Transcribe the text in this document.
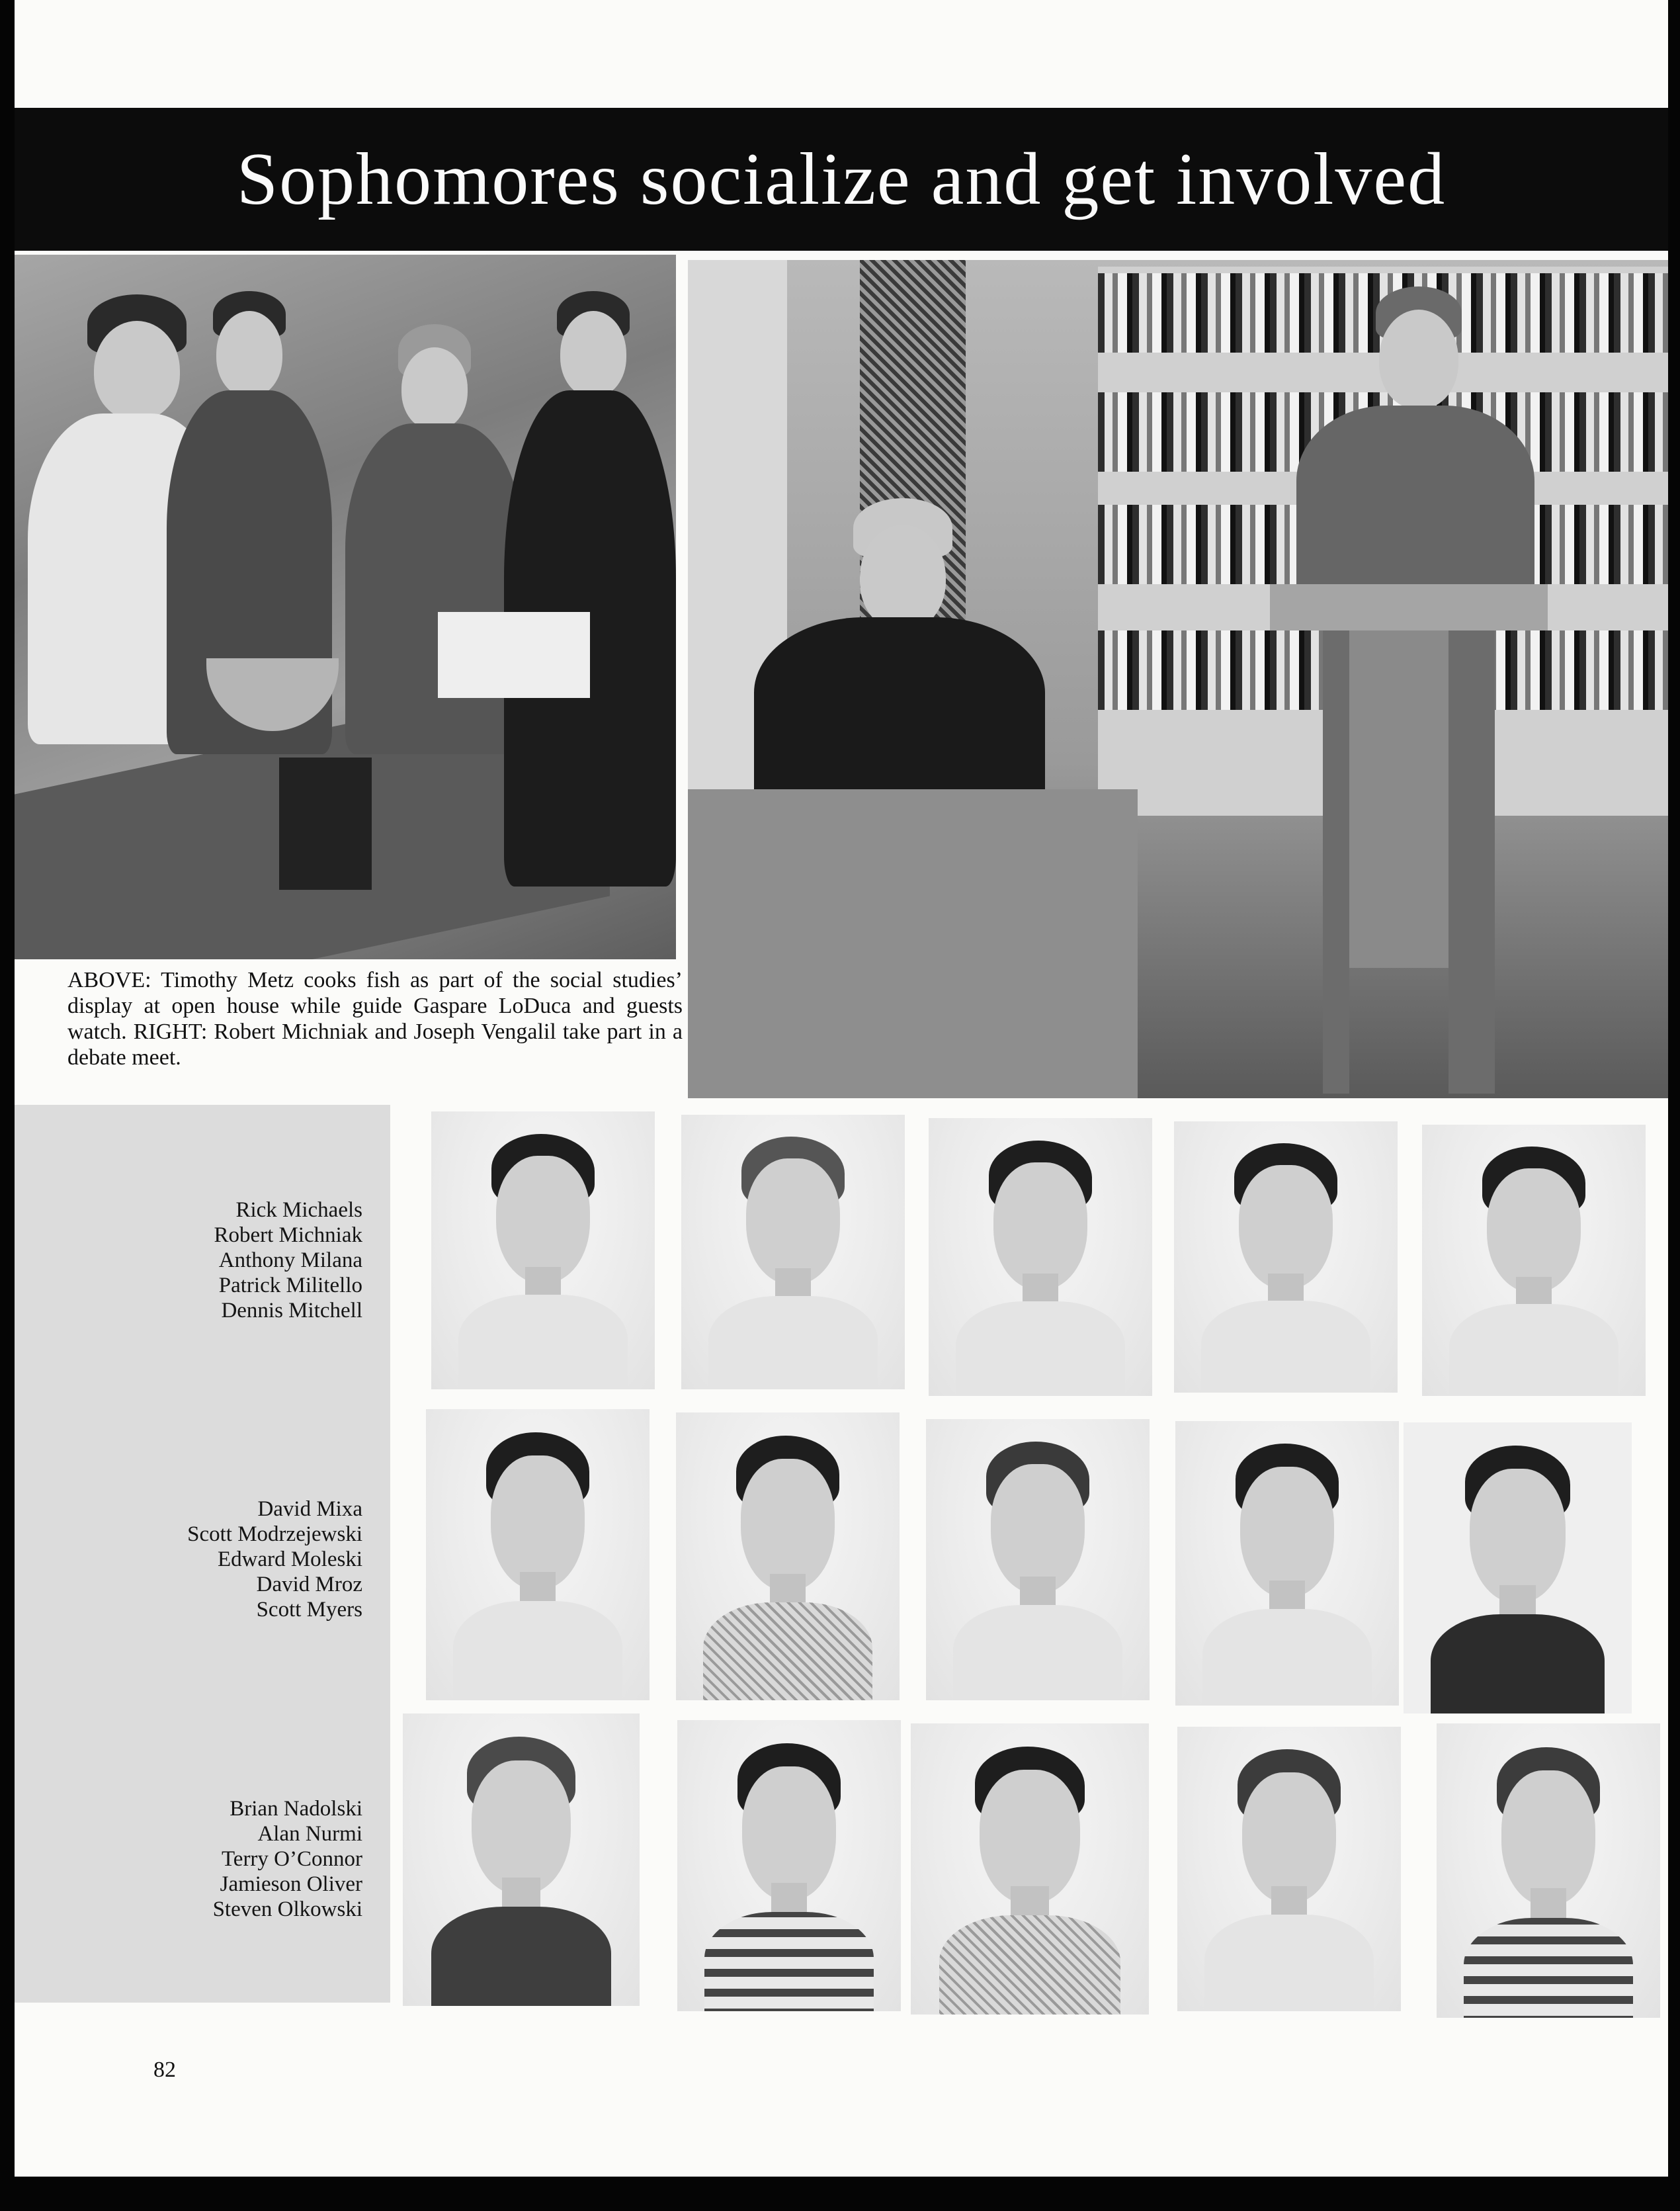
Sophomores socialize and get involved
ABOVE: Timothy Metz cooks fish as part of the social studies’ display at open house while guide Gaspare LoDuca and guests watch. RIGHT: Robert Michniak and Joseph Vengalil take part in a debate meet.
Rick Michaels
Robert Michniak
Anthony Milana
Patrick Militello
Dennis Mitchell
David Mixa
Scott Modrzejewski
Edward Moleski
David Mroz
Scott Myers
Brian Nadolski
Alan Nurmi
Terry O’Connor
Jamieson Oliver
Steven Olkowski
82
